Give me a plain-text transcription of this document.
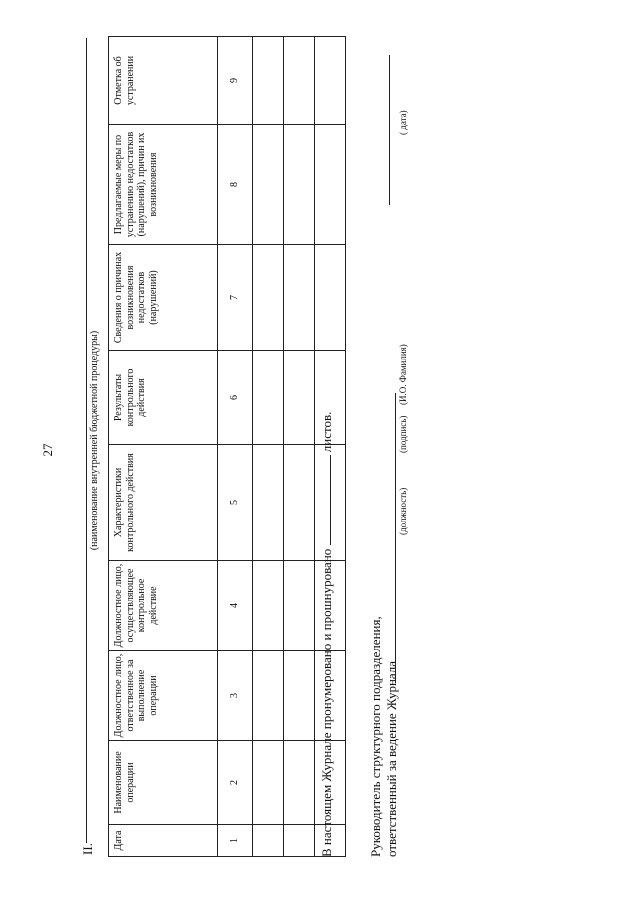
27
II.
(наименование внутренней бюджетной процедуры)
Дата	Наименование операции	Должностное лицо, ответственное за выполнение операции	Должностное лицо, осуществляющее контрольное действие	Характеристики контрольного действия	Результаты контрольного действия	Сведения о причинах возникновения недостатков (нарушений)	Предлагаемые меры по устранению недостатков (нарушений), причин их возникновения	Отметка об устранении
1	2	3	4	5	6	7	8	9

В настоящем Журнале пронумеровано и прошнуровано  листов.
Руководитель структурного подразделения, ответственный за ведение Журнала
(должность)
(подпись)
(И.О. Фамилия)
( дата)
